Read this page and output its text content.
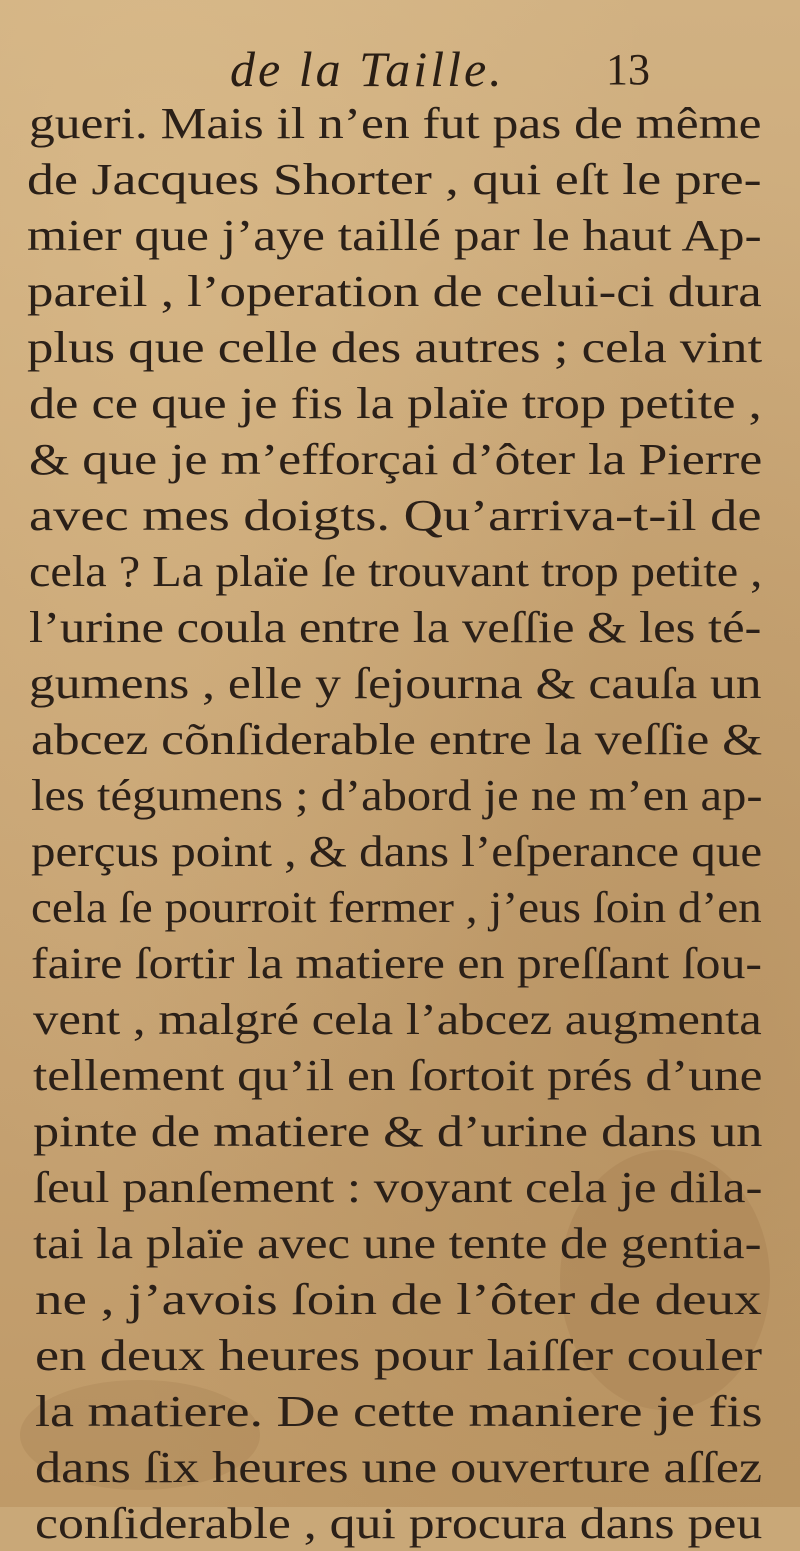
de la Taille. 13
gueri. Mais il n’en fut pas de même
de Jacques Shorter , qui eſt le pre-
mier que j’aye taillé par le haut Ap-
pareil , l’operation de celui-ci dura
plus que celle des autres ; cela vint
de ce que je fis la plaïe trop petite ,
& que je m’efforçai d’ôter la Pierre
avec mes doigts. Qu’arriva-t-il de
cela ? La plaïe ſe trouvant trop petite ,
l’urine coula entre la veſſie & les té-
gumens , elle y ſejourna & cauſa un
abcez cõnſiderable entre la veſſie &
les tégumens ; d’abord je ne m’en ap-
perçus point , & dans l’eſperance que
cela ſe pourroit fermer , j’eus ſoin d’en
faire ſortir la matiere en preſſant ſou-
vent , malgré cela l’abcez augmenta
tellement qu’il en ſortoit prés d’une
pinte de matiere & d’urine dans un
ſeul panſement : voyant cela je dila-
tai la plaïe avec une tente de gentia-
ne , j’avois ſoin de l’ôter de deux
en deux heures pour laiſſer couler
la matiere. De cette maniere je fis
dans ſix heures une ouverture aſſez
conſiderable , qui procura dans peu
